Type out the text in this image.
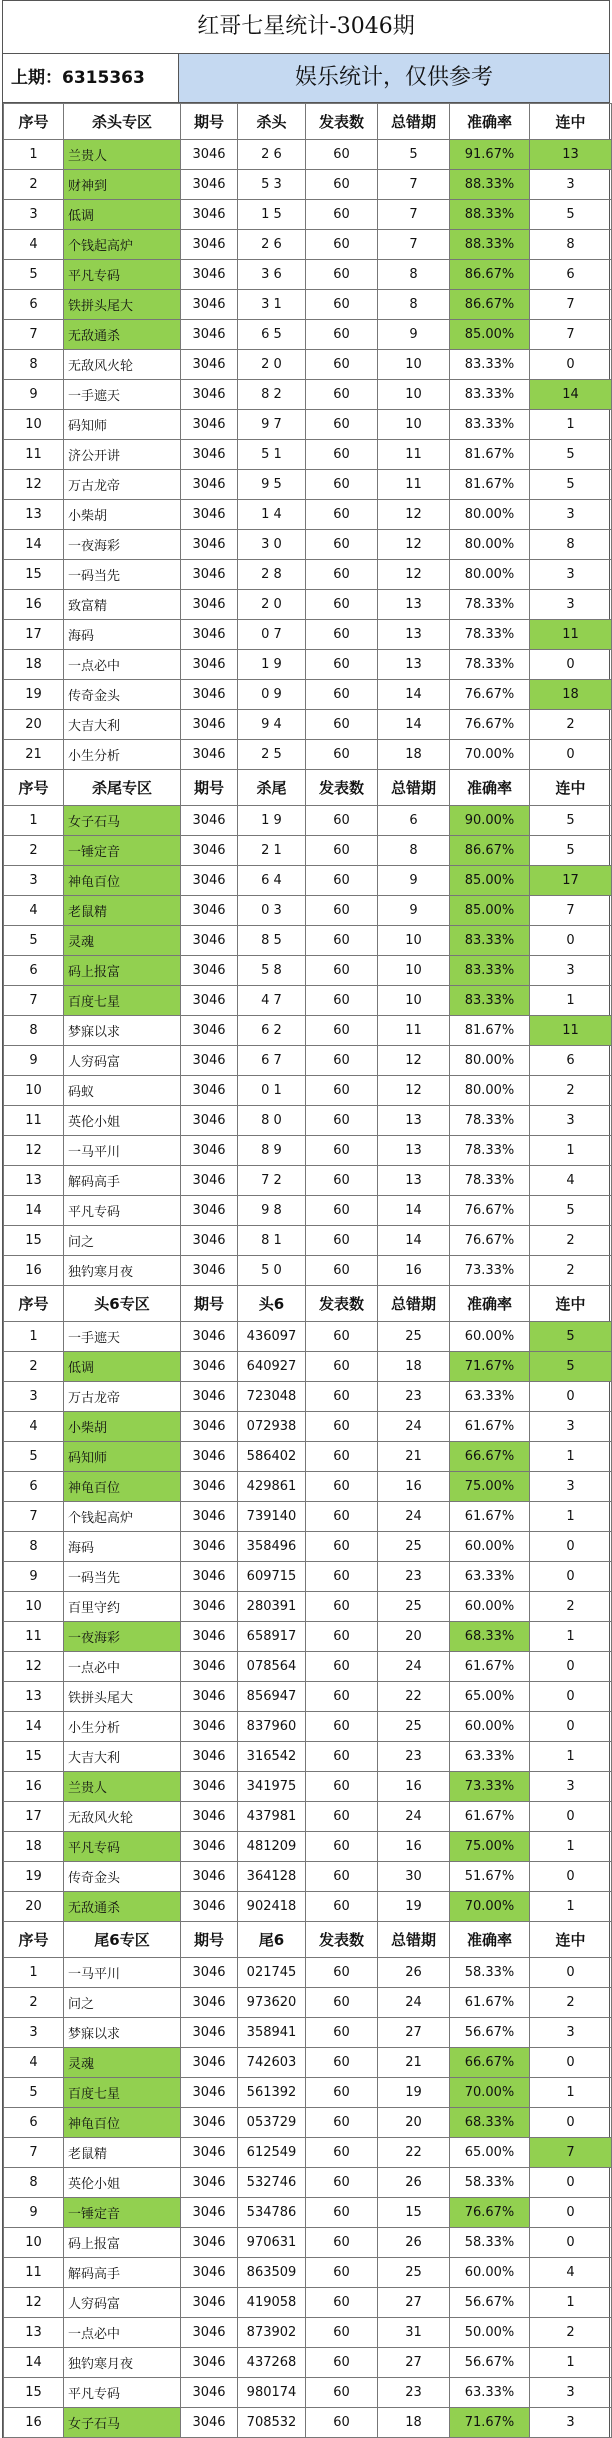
红哥七星统计-3046期
上期：6315363	娱乐统计，仅供参考
序号	杀头专区	期号	杀头	发表数	总错期	准确率	连中
1	兰贵人	3046	2 6	60	5	91.67%	13
2	财神到	3046	5 3	60	7	88.33%	3
3	低调	3046	1 5	60	7	88.33%	5
4	个钱起高炉	3046	2 6	60	7	88.33%	8
5	平凡专码	3046	3 6	60	8	86.67%	6
6	铁拼头尾大	3046	3 1	60	8	86.67%	7
7	无敌通杀	3046	6 5	60	9	85.00%	7
8	无敌风火轮	3046	2 0	60	10	83.33%	0
9	一手遮天	3046	8 2	60	10	83.33%	14
10	码知师	3046	9 7	60	10	83.33%	1
11	济公开讲	3046	5 1	60	11	81.67%	5
12	万古龙帝	3046	9 5	60	11	81.67%	5
13	小柴胡	3046	1 4	60	12	80.00%	3
14	一夜海彩	3046	3 0	60	12	80.00%	8
15	一码当先	3046	2 8	60	12	80.00%	3
16	致富精	3046	2 0	60	13	78.33%	3
17	海码	3046	0 7	60	13	78.33%	11
18	一点必中	3046	1 9	60	13	78.33%	0
19	传奇金头	3046	0 9	60	14	76.67%	18
20	大吉大利	3046	9 4	60	14	76.67%	2
21	小生分析	3046	2 5	60	18	70.00%	0
序号	杀尾专区	期号	杀尾	发表数	总错期	准确率	连中
1	女子石马	3046	1 9	60	6	90.00%	5
2	一锤定音	3046	2 1	60	8	86.67%	5
3	神龟百位	3046	6 4	60	9	85.00%	17
4	老鼠精	3046	0 3	60	9	85.00%	7
5	灵魂	3046	8 5	60	10	83.33%	0
6	码上报富	3046	5 8	60	10	83.33%	3
7	百度七星	3046	4 7	60	10	83.33%	1
8	梦寐以求	3046	6 2	60	11	81.67%	11
9	人穷码富	3046	6 7	60	12	80.00%	6
10	码蚁	3046	0 1	60	12	80.00%	2
11	英伦小姐	3046	8 0	60	13	78.33%	3
12	一马平川	3046	8 9	60	13	78.33%	1
13	解码高手	3046	7 2	60	13	78.33%	4
14	平凡专码	3046	9 8	60	14	76.67%	5
15	问之	3046	8 1	60	14	76.67%	2
16	独钓寒月夜	3046	5 0	60	16	73.33%	2
序号	头6专区	期号	头6	发表数	总错期	准确率	连中
1	一手遮天	3046	436097	60	25	60.00%	5
2	低调	3046	640927	60	18	71.67%	5
3	万古龙帝	3046	723048	60	23	63.33%	0
4	小柴胡	3046	072938	60	24	61.67%	3
5	码知师	3046	586402	60	21	66.67%	1
6	神龟百位	3046	429861	60	16	75.00%	3
7	个钱起高炉	3046	739140	60	24	61.67%	1
8	海码	3046	358496	60	25	60.00%	0
9	一码当先	3046	609715	60	23	63.33%	0
10	百里守约	3046	280391	60	25	60.00%	2
11	一夜海彩	3046	658917	60	20	68.33%	1
12	一点必中	3046	078564	60	24	61.67%	0
13	铁拼头尾大	3046	856947	60	22	65.00%	0
14	小生分析	3046	837960	60	25	60.00%	0
15	大吉大利	3046	316542	60	23	63.33%	1
16	兰贵人	3046	341975	60	16	73.33%	3
17	无敌风火轮	3046	437981	60	24	61.67%	0
18	平凡专码	3046	481209	60	16	75.00%	1
19	传奇金头	3046	364128	60	30	51.67%	0
20	无敌通杀	3046	902418	60	19	70.00%	1
序号	尾6专区	期号	尾6	发表数	总错期	准确率	连中
1	一马平川	3046	021745	60	26	58.33%	0
2	问之	3046	973620	60	24	61.67%	2
3	梦寐以求	3046	358941	60	27	56.67%	3
4	灵魂	3046	742603	60	21	66.67%	0
5	百度七星	3046	561392	60	19	70.00%	1
6	神龟百位	3046	053729	60	20	68.33%	0
7	老鼠精	3046	612549	60	22	65.00%	7
8	英伦小姐	3046	532746	60	26	58.33%	0
9	一锤定音	3046	534786	60	15	76.67%	0
10	码上报富	3046	970631	60	26	58.33%	0
11	解码高手	3046	863509	60	25	60.00%	4
12	人穷码富	3046	419058	60	27	56.67%	1
13	一点必中	3046	873902	60	31	50.00%	2
14	独钓寒月夜	3046	437268	60	27	56.67%	1
15	平凡专码	3046	980174	60	23	63.33%	3
16	女子石马	3046	708532	60	18	71.67%	3
